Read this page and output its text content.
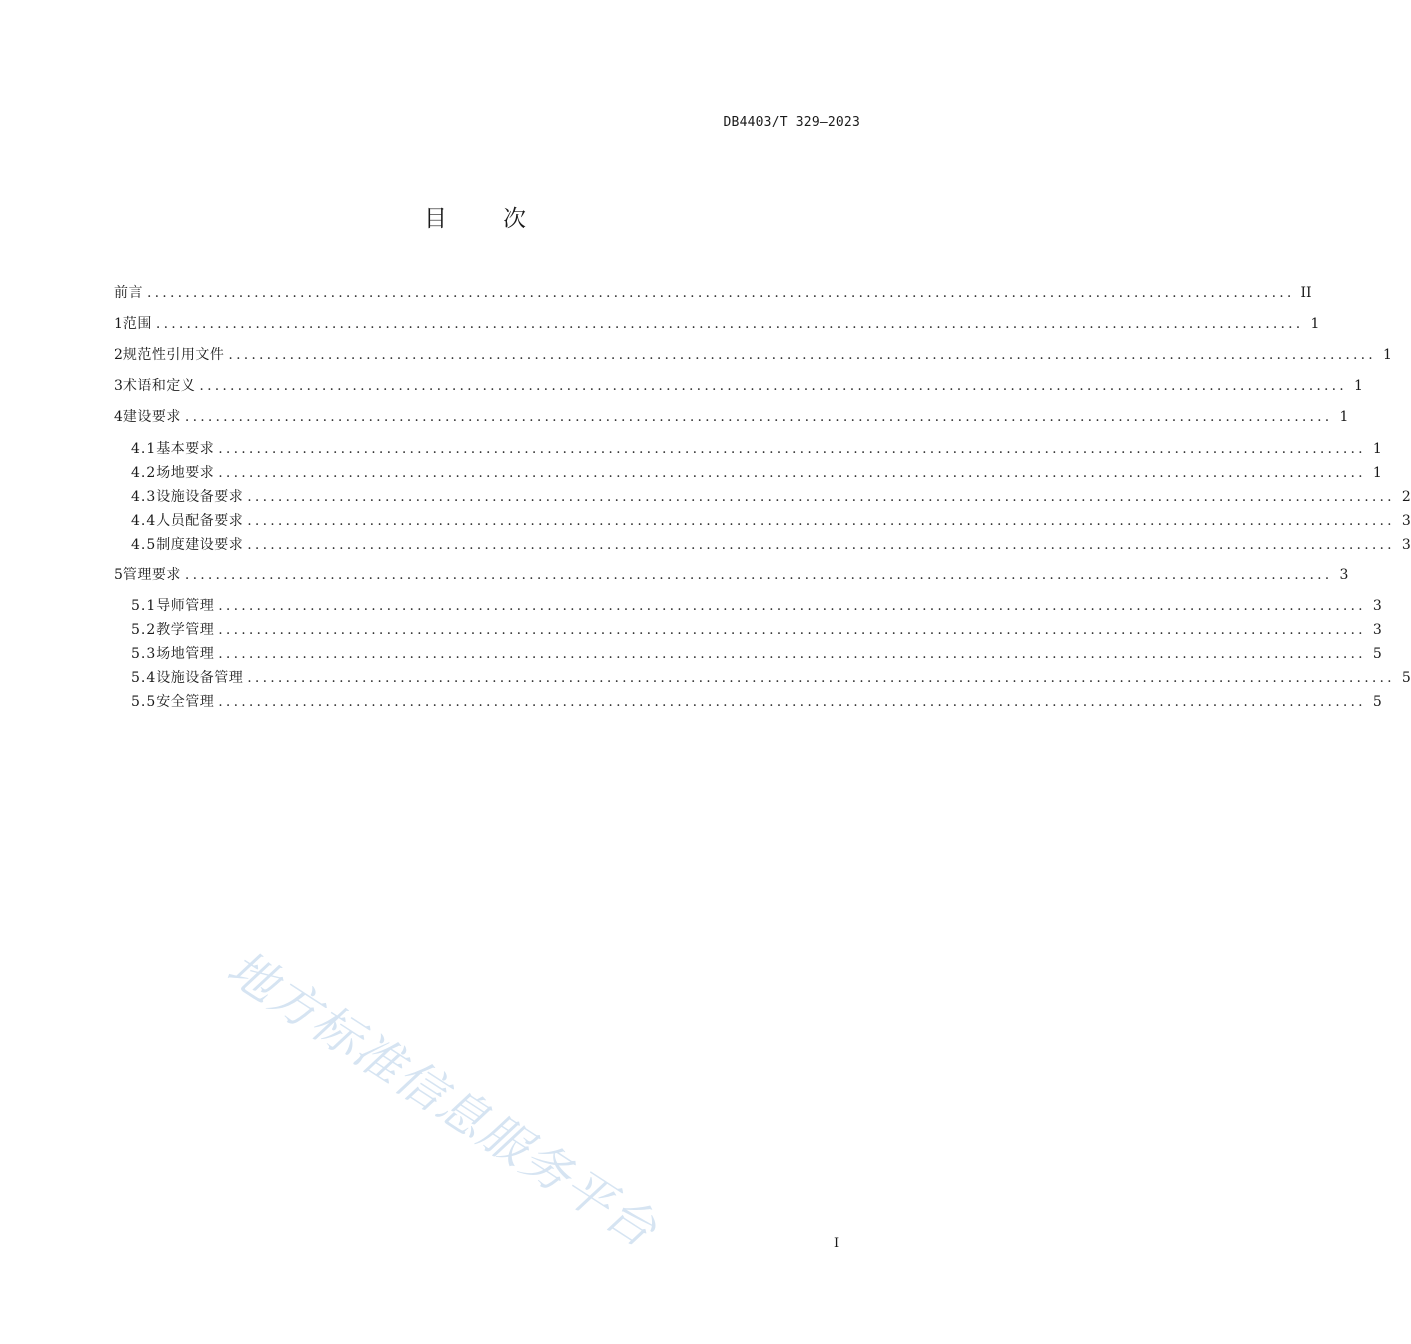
DB4403/T 329—2023
目次
前言 ...................................................................................................................................................... II
1 范围 ...................................................................................................................................................... 1
2 规范性引用文件 ...................................................................................................................................................... 1
3 术语和定义 ...................................................................................................................................................... 1
4 建设要求 ...................................................................................................................................................... 1
4.1 基本要求 ...................................................................................................................................................... 1
4.2 场地要求 ...................................................................................................................................................... 1
4.3 设施设备要求 ...................................................................................................................................................... 2
4.4 人员配备要求 ...................................................................................................................................................... 3
4.5 制度建设要求 ...................................................................................................................................................... 3
5 管理要求 ...................................................................................................................................................... 3
5.1 导师管理 ...................................................................................................................................................... 3
5.2 教学管理 ...................................................................................................................................................... 3
5.3 场地管理 ...................................................................................................................................................... 5
5.4 设施设备管理 ...................................................................................................................................................... 5
5.5 安全管理 ...................................................................................................................................................... 5
地方标准信息服务平台	I
